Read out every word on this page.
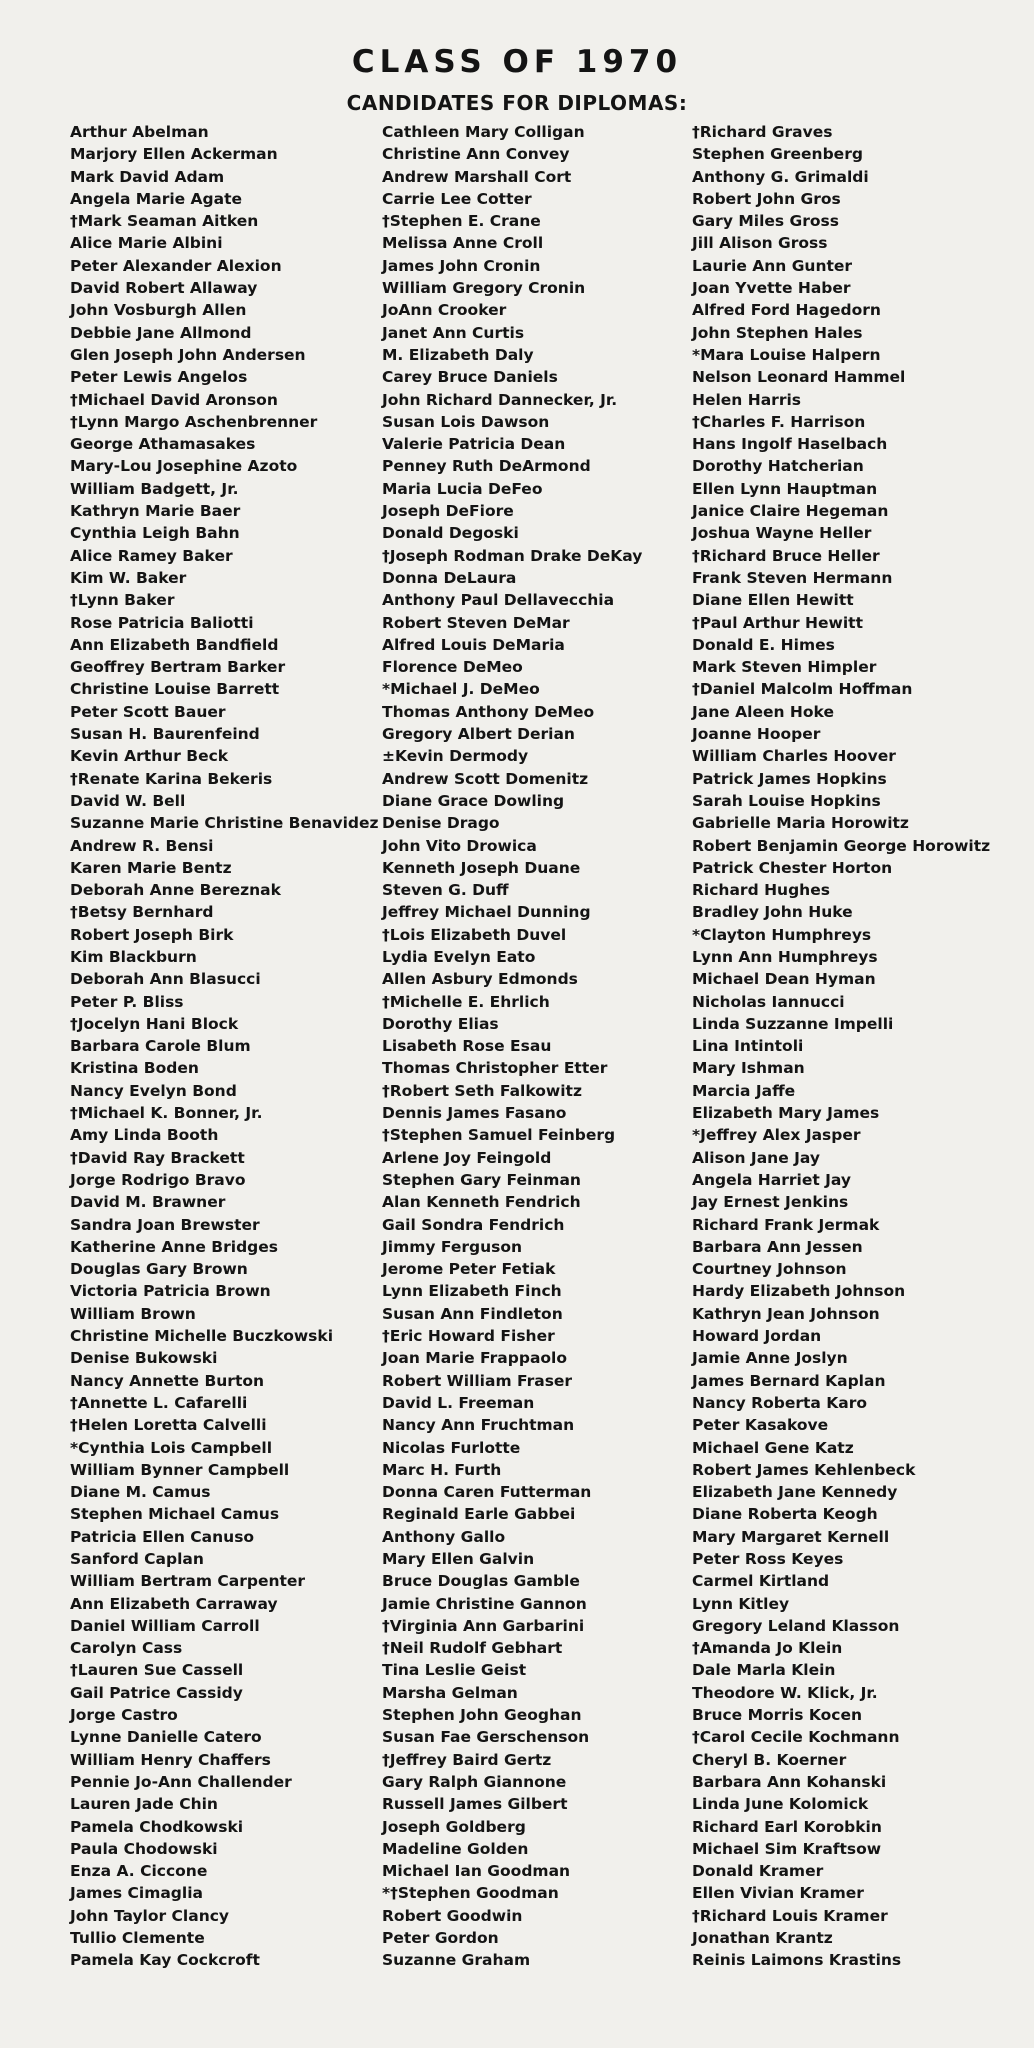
CLASS OF 1970
CANDIDATES FOR DIPLOMAS:
Arthur Abelman
Marjory Ellen Ackerman
Mark David Adam
Angela Marie Agate
†Mark Seaman Aitken
Alice Marie Albini
Peter Alexander Alexion
David Robert Allaway
John Vosburgh Allen
Debbie Jane Allmond
Glen Joseph John Andersen
Peter Lewis Angelos
†Michael David Aronson
†Lynn Margo Aschenbrenner
George Athamasakes
Mary-Lou Josephine Azoto
William Badgett, Jr.
Kathryn Marie Baer
Cynthia Leigh Bahn
Alice Ramey Baker
Kim W. Baker
†Lynn Baker
Rose Patricia Baliotti
Ann Elizabeth Bandfield
Geoffrey Bertram Barker
Christine Louise Barrett
Peter Scott Bauer
Susan H. Baurenfeind
Kevin Arthur Beck
†Renate Karina Bekeris
David W. Bell
Suzanne Marie Christine Benavidez
Andrew R. Bensi
Karen Marie Bentz
Deborah Anne Bereznak
†Betsy Bernhard
Robert Joseph Birk
Kim Blackburn
Deborah Ann Blasucci
Peter P. Bliss
†Jocelyn Hani Block
Barbara Carole Blum
Kristina Boden
Nancy Evelyn Bond
†Michael K. Bonner, Jr.
Amy Linda Booth
†David Ray Brackett
Jorge Rodrigo Bravo
David M. Brawner
Sandra Joan Brewster
Katherine Anne Bridges
Douglas Gary Brown
Victoria Patricia Brown
William Brown
Christine Michelle Buczkowski
Denise Bukowski
Nancy Annette Burton
†Annette L. Cafarelli
†Helen Loretta Calvelli
*Cynthia Lois Campbell
William Bynner Campbell
Diane M. Camus
Stephen Michael Camus
Patricia Ellen Canuso
Sanford Caplan
William Bertram Carpenter
Ann Elizabeth Carraway
Daniel William Carroll
Carolyn Cass
†Lauren Sue Cassell
Gail Patrice Cassidy
Jorge Castro
Lynne Danielle Catero
William Henry Chaffers
Pennie Jo-Ann Challender
Lauren Jade Chin
Pamela Chodkowski
Paula Chodowski
Enza A. Ciccone
James Cimaglia
John Taylor Clancy
Tullio Clemente
Pamela Kay Cockcroft
Cathleen Mary Colligan
Christine Ann Convey
Andrew Marshall Cort
Carrie Lee Cotter
†Stephen E. Crane
Melissa Anne Croll
James John Cronin
William Gregory Cronin
JoAnn Crooker
Janet Ann Curtis
M. Elizabeth Daly
Carey Bruce Daniels
John Richard Dannecker, Jr.
Susan Lois Dawson
Valerie Patricia Dean
Penney Ruth DeArmond
Maria Lucia DeFeo
Joseph DeFiore
Donald Degoski
†Joseph Rodman Drake DeKay
Donna DeLaura
Anthony Paul Dellavecchia
Robert Steven DeMar
Alfred Louis DeMaria
Florence DeMeo
*Michael J. DeMeo
Thomas Anthony DeMeo
Gregory Albert Derian
±Kevin Dermody
Andrew Scott Domenitz
Diane Grace Dowling
Denise Drago
John Vito Drowica
Kenneth Joseph Duane
Steven G. Duff
Jeffrey Michael Dunning
†Lois Elizabeth Duvel
Lydia Evelyn Eato
Allen Asbury Edmonds
†Michelle E. Ehrlich
Dorothy Elias
Lisabeth Rose Esau
Thomas Christopher Etter
†Robert Seth Falkowitz
Dennis James Fasano
†Stephen Samuel Feinberg
Arlene Joy Feingold
Stephen Gary Feinman
Alan Kenneth Fendrich
Gail Sondra Fendrich
Jimmy Ferguson
Jerome Peter Fetiak
Lynn Elizabeth Finch
Susan Ann Findleton
†Eric Howard Fisher
Joan Marie Frappaolo
Robert William Fraser
David L. Freeman
Nancy Ann Fruchtman
Nicolas Furlotte
Marc H. Furth
Donna Caren Futterman
Reginald Earle Gabbei
Anthony Gallo
Mary Ellen Galvin
Bruce Douglas Gamble
Jamie Christine Gannon
†Virginia Ann Garbarini
†Neil Rudolf Gebhart
Tina Leslie Geist
Marsha Gelman
Stephen John Geoghan
Susan Fae Gerschenson
†Jeffrey Baird Gertz
Gary Ralph Giannone
Russell James Gilbert
Joseph Goldberg
Madeline Golden
Michael Ian Goodman
*†Stephen Goodman
Robert Goodwin
Peter Gordon
Suzanne Graham
†Richard Graves
Stephen Greenberg
Anthony G. Grimaldi
Robert John Gros
Gary Miles Gross
Jill Alison Gross
Laurie Ann Gunter
Joan Yvette Haber
Alfred Ford Hagedorn
John Stephen Hales
*Mara Louise Halpern
Nelson Leonard Hammel
Helen Harris
†Charles F. Harrison
Hans Ingolf Haselbach
Dorothy Hatcherian
Ellen Lynn Hauptman
Janice Claire Hegeman
Joshua Wayne Heller
†Richard Bruce Heller
Frank Steven Hermann
Diane Ellen Hewitt
†Paul Arthur Hewitt
Donald E. Himes
Mark Steven Himpler
†Daniel Malcolm Hoffman
Jane Aleen Hoke
Joanne Hooper
William Charles Hoover
Patrick James Hopkins
Sarah Louise Hopkins
Gabrielle Maria Horowitz
Robert Benjamin George Horowitz
Patrick Chester Horton
Richard Hughes
Bradley John Huke
*Clayton Humphreys
Lynn Ann Humphreys
Michael Dean Hyman
Nicholas Iannucci
Linda Suzzanne Impelli
Lina Intintoli
Mary Ishman
Marcia Jaffe
Elizabeth Mary James
*Jeffrey Alex Jasper
Alison Jane Jay
Angela Harriet Jay
Jay Ernest Jenkins
Richard Frank Jermak
Barbara Ann Jessen
Courtney Johnson
Hardy Elizabeth Johnson
Kathryn Jean Johnson
Howard Jordan
Jamie Anne Joslyn
James Bernard Kaplan
Nancy Roberta Karo
Peter Kasakove
Michael Gene Katz
Robert James Kehlenbeck
Elizabeth Jane Kennedy
Diane Roberta Keogh
Mary Margaret Kernell
Peter Ross Keyes
Carmel Kirtland
Lynn Kitley
Gregory Leland Klasson
†Amanda Jo Klein
Dale Marla Klein
Theodore W. Klick, Jr.
Bruce Morris Kocen
†Carol Cecile Kochmann
Cheryl B. Koerner
Barbara Ann Kohanski
Linda June Kolomick
Richard Earl Korobkin
Michael Sim Kraftsow
Donald Kramer
Ellen Vivian Kramer
†Richard Louis Kramer
Jonathan Krantz
Reinis Laimons Krastins
